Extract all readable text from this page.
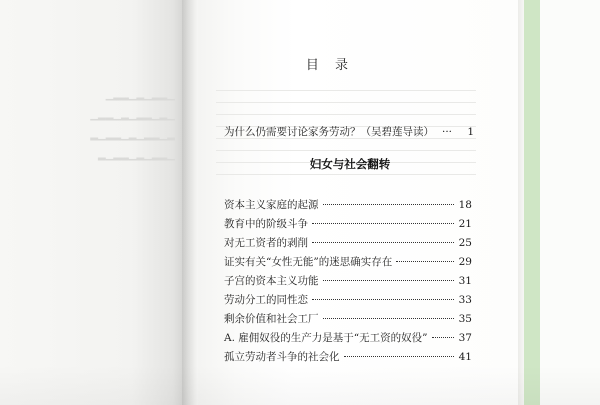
▁▂▂▁▂▁▂▂▁
▁▂▁▂▂▁▂▁▂▂▁
▂▁▂▂▁▂▁▂▂▁▂
▁▂▂▁▂▁▂▂▁▂
目 录
为什么仍需要讨论家务劳动？（吴碧莲导读） ···	1
妇女与社会翻转
资本主义家庭的起源	18
教育中的阶级斗争	21
对无工资者的剥削	25
证实有关“女性无能”的迷思确实存在	29
子宫的资本主义功能	31
劳动分工的同性恋	33
剩余价值和社会工厂	35
A. 雇佣奴役的生产力是基于“无工资的奴役”	37
孤立劳动者斗争的社会化	41
